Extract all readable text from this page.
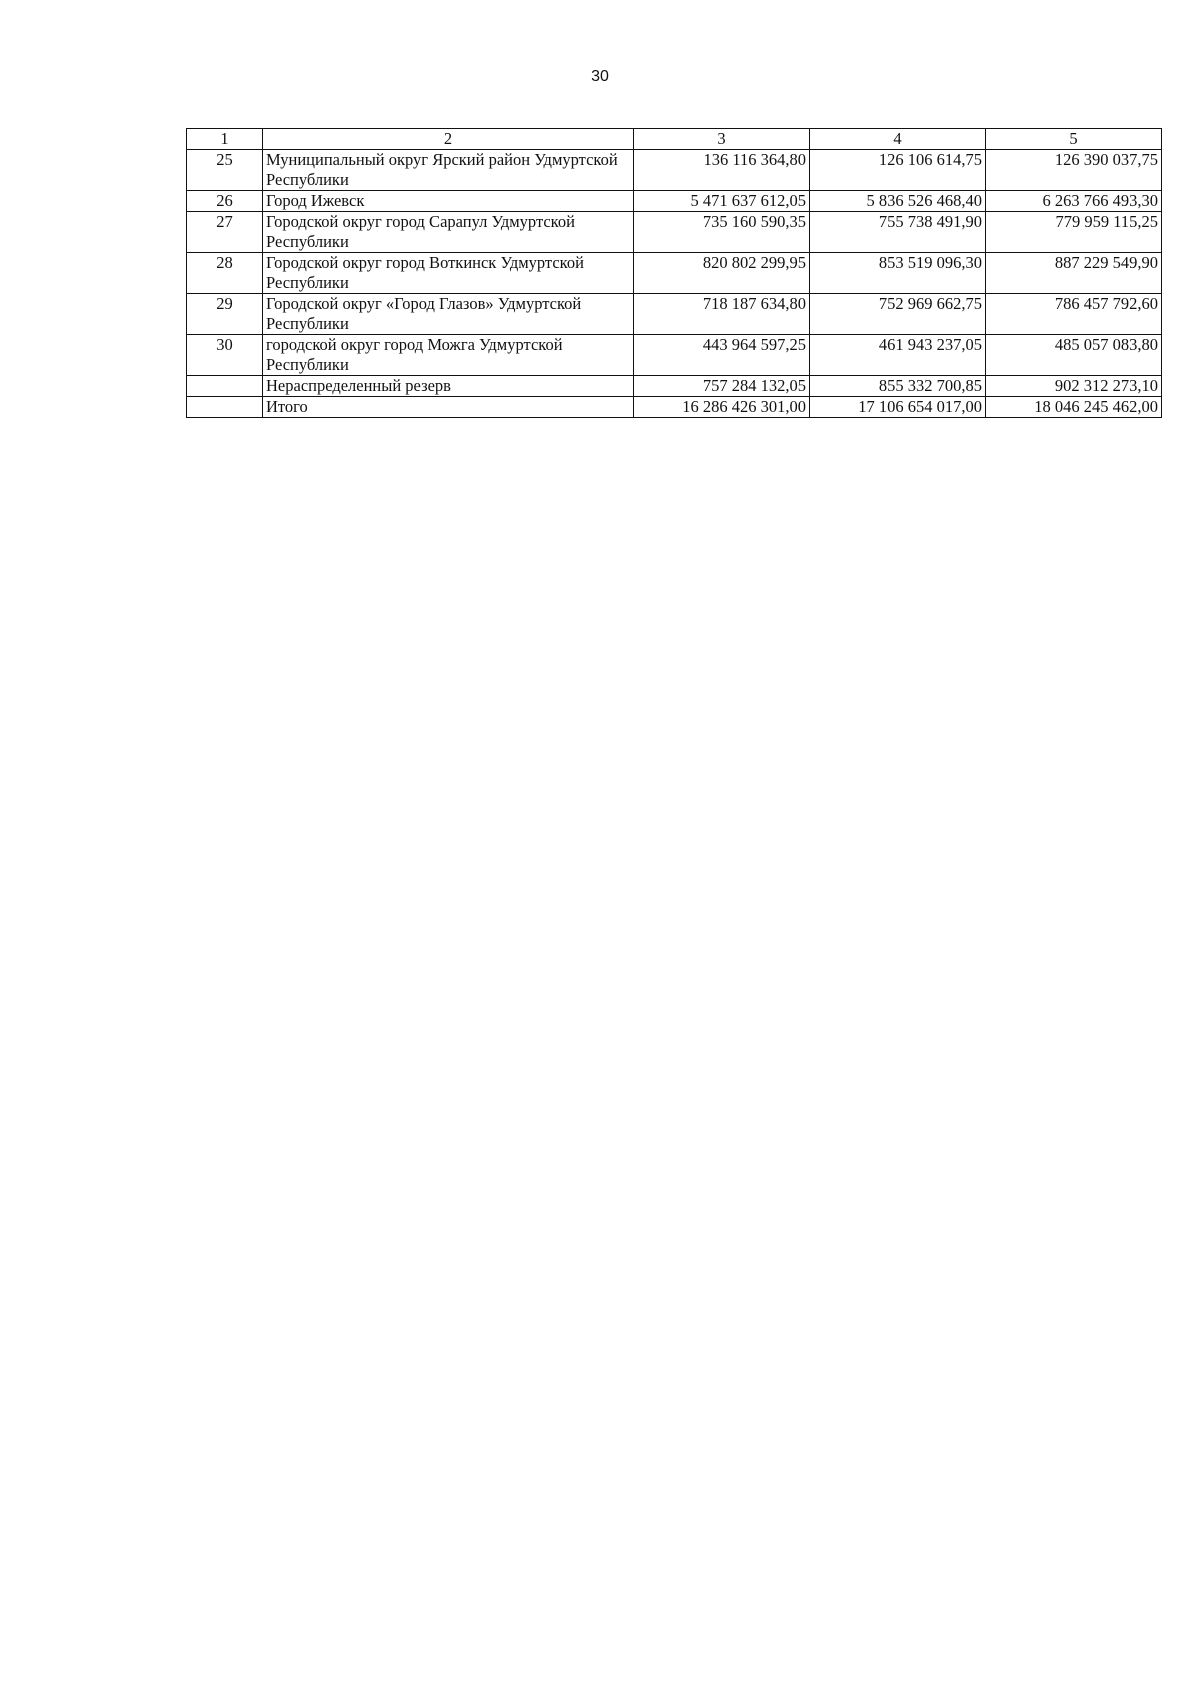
30
1	2	3	4	5
25	Муниципальный округ Ярский район Удмуртской Республики	136 116 364,80	126 106 614,75	126 390 037,75
26	Город Ижевск	5 471 637 612,05	5 836 526 468,40	6 263 766 493,30
27	Городской округ город Сарапул Удмуртской Республики	735 160 590,35	755 738 491,90	779 959 115,25
28	Городской округ город Воткинск Удмуртской Республики	820 802 299,95	853 519 096,30	887 229 549,90
29	Городской округ «Город Глазов» Удмуртской Республики	718 187 634,80	752 969 662,75	786 457 792,60
30	городской округ город Можга Удмуртской Республики	443 964 597,25	461 943 237,05	485 057 083,80
	Нераспределенный резерв	757 284 132,05	855 332 700,85	902 312 273,10
	Итого	16 286 426 301,00	17 106 654 017,00	18 046 245 462,00
